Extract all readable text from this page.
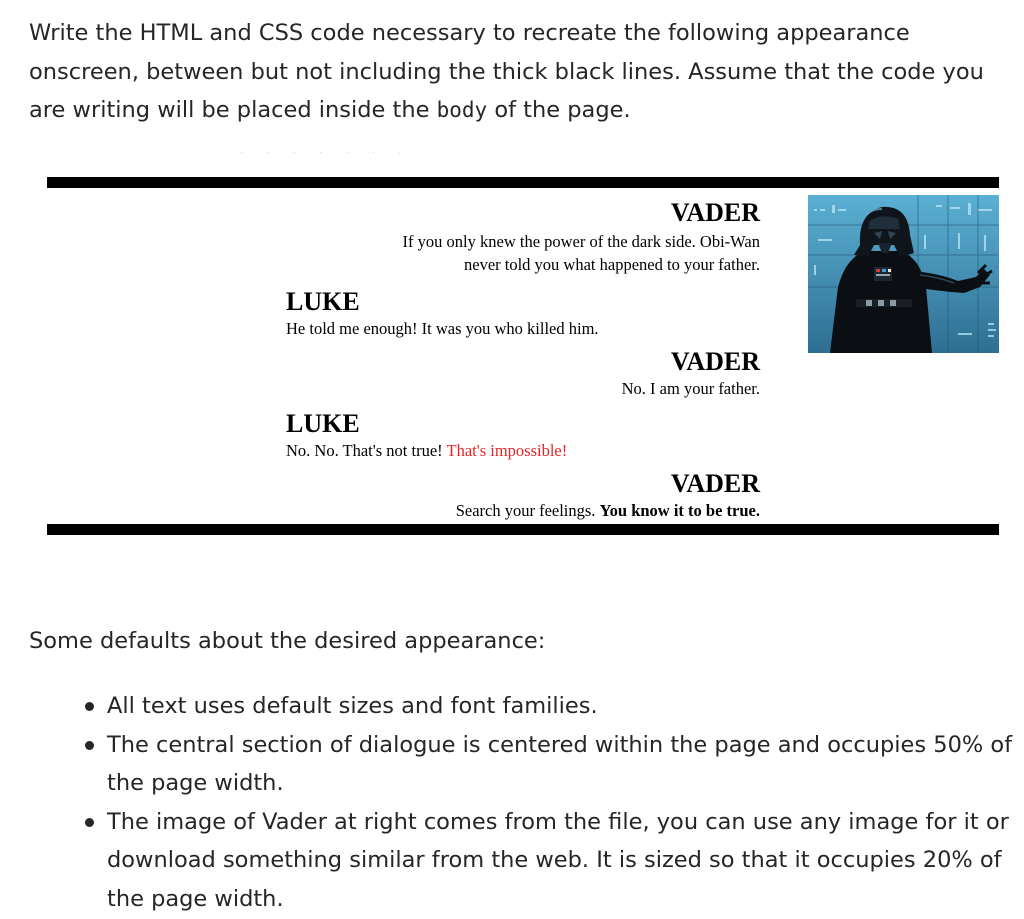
Write the HTML and CSS code necessary to recreate the following appearance onscreen, between but not including the thick black lines. Assume that the code you are writing will be placed inside the body of the page.
· · · · · · ·
VADER
If you only knew the power of the dark side. Obi-Wan
never told you what happened to your father.
LUKE
He told me enough! It was you who killed him.
VADER
No. I am your father.
LUKE
No. No. That's not true! That's impossible!
VADER
Search your feelings. You know it to be true.
Some defaults about the desired appearance:
All text uses default sizes and font families.
The central section of dialogue is centered within the page and occupies 50% of the page width.
The image of Vader at right comes from the file, you can use any image for it or download something similar from the web. It is sized so that it occupies 20% of the page width.
